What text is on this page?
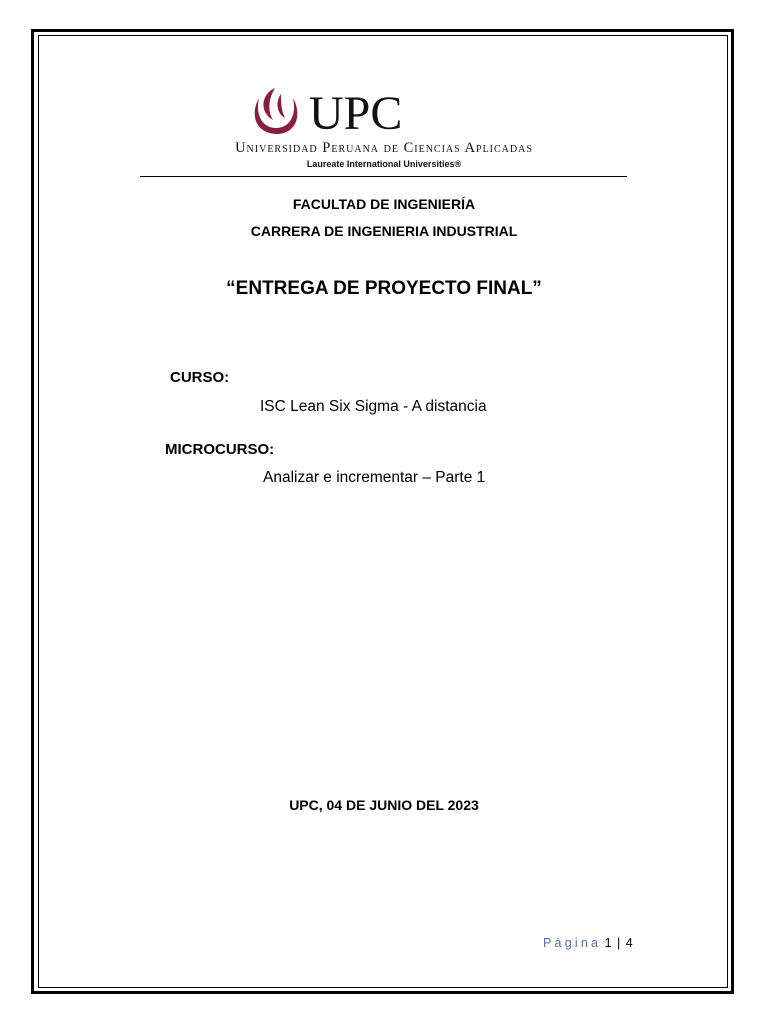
UPC
Universidad Peruana de Ciencias Aplicadas
Laureate International Universities®
FACULTAD DE INGENIERÍA
CARRERA DE INGENIERIA INDUSTRIAL
“ENTREGA DE PROYECTO FINAL”
CURSO:
ISC Lean Six Sigma - A distancia
MICROCURSO:
Analizar e incrementar – Parte 1
UPC, 04 DE JUNIO DEL 2023
Página 1 | 4
